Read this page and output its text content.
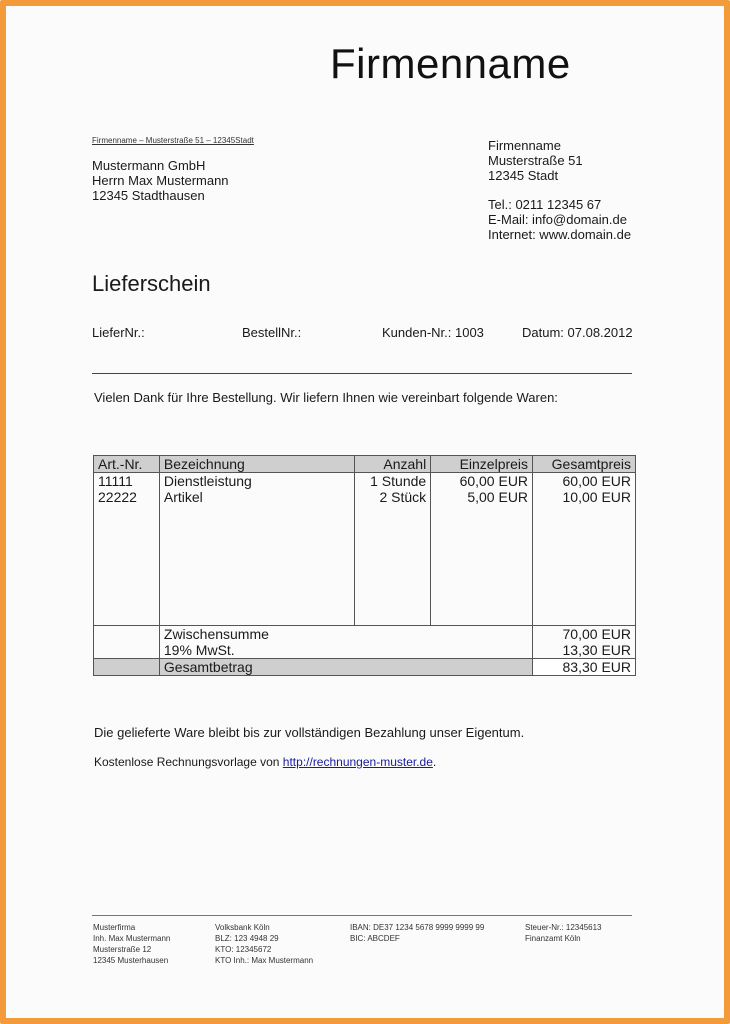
Firmenname
Firmenname – Musterstraße 51 – 12345Stadt
Mustermann GmbH
Herrn Max Mustermann
12345 Stadthausen
Firmenname
Musterstraße 51
12345 Stadt
Tel.: 0211 12345 67
E-Mail: info@domain.de
Internet: www.domain.de
Lieferschein
LieferNr.:	BestellNr.:	Kunden-Nr.: 1003	Datum: 07.08.2012
Vielen Dank für Ihre Bestellung. Wir liefern Ihnen wie vereinbart folgende Waren:
Art.-Nr.	Bezeichnung	Anzahl	Einzelpreis	Gesamtpreis
11111	Dienstleistung	1 Stunde	60,00 EUR	60,00 EUR
22222	Artikel	2 Stück	5,00 EUR	10,00 EUR

	Zwischensumme			70,00 EUR
	19% MwSt.			13,30 EUR
	Gesamtbetrag			83,30 EUR
Die gelieferte Ware bleibt bis zur vollständigen Bezahlung unser Eigentum.
Kostenlose Rechnungsvorlage von http://rechnungen-muster.de.
Musterfirma
Inh. Max Mustermann
Musterstraße 12
12345 Musterhausen
Volksbank Köln
BLZ: 123 4948 29
KTO: 12345672
KTO Inh.: Max Mustermann
IBAN: DE37 1234 5678 9999 9999 99
BIC: ABCDEF
Steuer-Nr.: 12345613
Finanzamt Köln
